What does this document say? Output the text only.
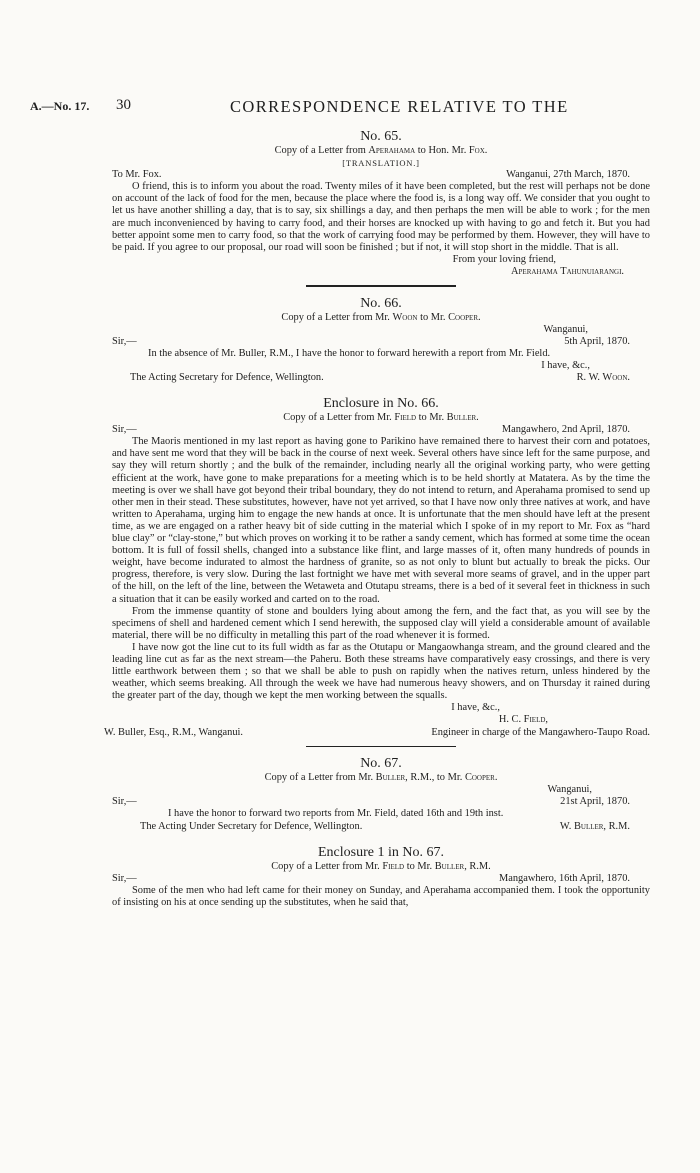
A.—No. 17. 30	CORRESPONDENCE RELATIVE TO THE
No. 65.
Copy of a Letter from Aperahama to Hon. Mr. Fox.
[TRANSLATION.]
To Mr. Fox.	Wanganui, 27th March, 1870.

O friend, this is to inform you about the road. Twenty miles of it have been completed, but the rest will perhaps not be done on account of the lack of food for the men, because the place where the food is, is a long way off. We consider that you ought to let us have another shilling a day, that is to say, six shillings a day, and then perhaps the men will be able to work ; for the men are much inconvenienced by having to carry food, and their horses are knocked up with having to go and fetch it. But you had better appoint some men to carry food, so that the work of carrying food may be performed by them. However, they will have to be paid. If you agree to our proposal, our road will soon be finished ; but if not, it will stop short in the middle. That is all.

From your loving friend,
Aperahama Tahunuiarangi.
No. 66.
Copy of a Letter from Mr. Woon to Mr. Cooper.
Wanganui,
Sir,—	5th April, 1870.

In the absence of Mr. Buller, R.M., I have the honor to forward herewith a report from Mr. Field.

I have, &c.,
The Acting Secretary for Defence, Wellington.	R. W. Woon.
Enclosure in No. 66.
Copy of a Letter from Mr. Field to Mr. Buller.
Sir,—	Mangawhero, 2nd April, 1870.

The Maoris mentioned in my last report as having gone to Parikino have remained there to harvest their corn and potatoes, and have sent me word that they will be back in the course of next week. Several others have since left for the same purpose, and say they will return shortly ; and the bulk of the remainder, including nearly all the original working party, who were getting efficient at the work, have gone to make preparations for a meeting which is to be held shortly at Matatera. As by the time the meeting is over we shall have got beyond their tribal boundary, they do not intend to return, and Aperahama promised to send up other men in their stead. These substitutes, however, have not yet arrived, so that I have now only three natives at work, and have written to Aperahama, urging him to engage the new hands at once. It is unfortunate that the men should have left at the present time, as we are engaged on a rather heavy bit of side cutting in the material which I spoke of in my report to Mr. Fox as “hard blue clay” or “clay-stone,” but which proves on working it to be rather a sandy cement, which has formed at some time the ocean bottom. It is full of fossil shells, changed into a substance like flint, and large masses of it, often many hundreds of pounds in weight, have become indurated to almost the hardness of granite, so as not only to blunt but actually to break the picks. Our progress, therefore, is very slow. During the last fortnight we have met with several more seams of gravel, and in the upper part of the hill, on the left of the line, between the Wetaweta and Otutapu streams, there is a bed of it several feet in thickness in such a situation that it can be easily worked and carted on to the road.

From the immense quantity of stone and boulders lying about among the fern, and the fact that, as you will see by the specimens of shell and hardened cement which I send herewith, the supposed clay will yield a considerable amount of available material, there will be no difficulty in metalling this part of the road whenever it is formed.

I have now got the line cut to its full width as far as the Otutapu or Mangaowhanga stream, and the ground cleared and the leading line cut as far as the next stream—the Paheru. Both these streams have comparatively easy crossings, and there is very little earthwork between them ; so that we shall be able to push on rapidly when the natives return, unless hindered by the weather, which seems breaking. All through the week we have had numerous heavy showers, and on Thursday it rained during the greater part of the day, though we kept the men working between the squalls.

I have, &c.,
H. C. Field,
W. Buller, Esq., R.M., Wanganui.	Engineer in charge of the Mangawhero-Taupo Road.
No. 67.
Copy of a Letter from Mr. Buller, R.M., to Mr. Cooper.
Wanganui,
Sir,—	21st April, 1870.

I have the honor to forward two reports from Mr. Field, dated 16th and 19th inst.

The Acting Under Secretary for Defence, Wellington.	W. Buller, R.M.
Enclosure 1 in No. 67.
Copy of a Letter from Mr. Field to Mr. Buller, R.M.
Sir,—	Mangawhero, 16th April, 1870.

Some of the men who had left came for their money on Sunday, and Aperahama accompanied them. I took the opportunity of insisting on his at once sending up the substitutes, when he said that,
